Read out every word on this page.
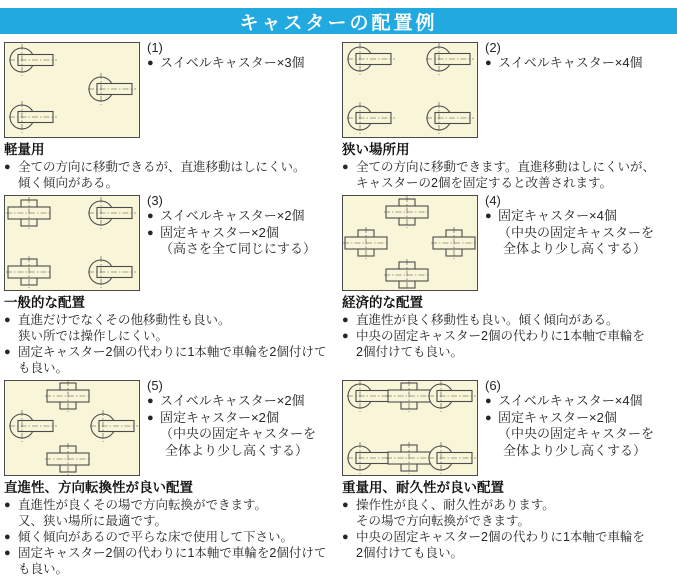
キャスターの配置例
(1)
● スイベルキャスター×3個
軽量用
● 全ての方向に移動できるが、直進移動はしにくい。
傾く傾向がある。
(2)
● スイベルキャスター×4個
狭い場所用
● 全ての方向に移動できます。直進移動はしにくいが、
キャスターの2個を固定すると改善されます。
(3)
● スイベルキャスター×2個
● 固定キャスター×2個
（高さを全て同じにする）
一般的な配置
● 直進だけでなくその他移動性も良い。
狭い所では操作しにくい。
● 固定キャスター2個の代わりに1本軸で車輪を2個付けて
も良い。
(4)
● 固定キャスター×4個
（中央の固定キャスターを
全体より少し高くする）
経済的な配置
● 直進性が良く移動性も良い。傾く傾向がある。
● 中央の固定キャスター2個の代わりに1本軸で車輪を
2個付けても良い。
(5)
● スイベルキャスター×2個
● 固定キャスター×2個
（中央の固定キャスターを
全体より少し高くする）
直進性、方向転換性が良い配置
● 直進性が良くその場で方向転換ができます。
又、狭い場所に最適です。
● 傾く傾向があるので平らな床で使用して下さい。
● 固定キャスター2個の代わりに1本軸で車輪を2個付けて
も良い。
(6)
● スイベルキャスター×4個
● 固定キャスター×2個
（中央の固定キャスターを
全体より少し高くする）
重量用、耐久性が良い配置
● 操作性が良く、耐久性があります。
その場で方向転換ができます。
● 中央の固定キャスター2個の代わりに1本軸で車輪を
2個付けても良い。
